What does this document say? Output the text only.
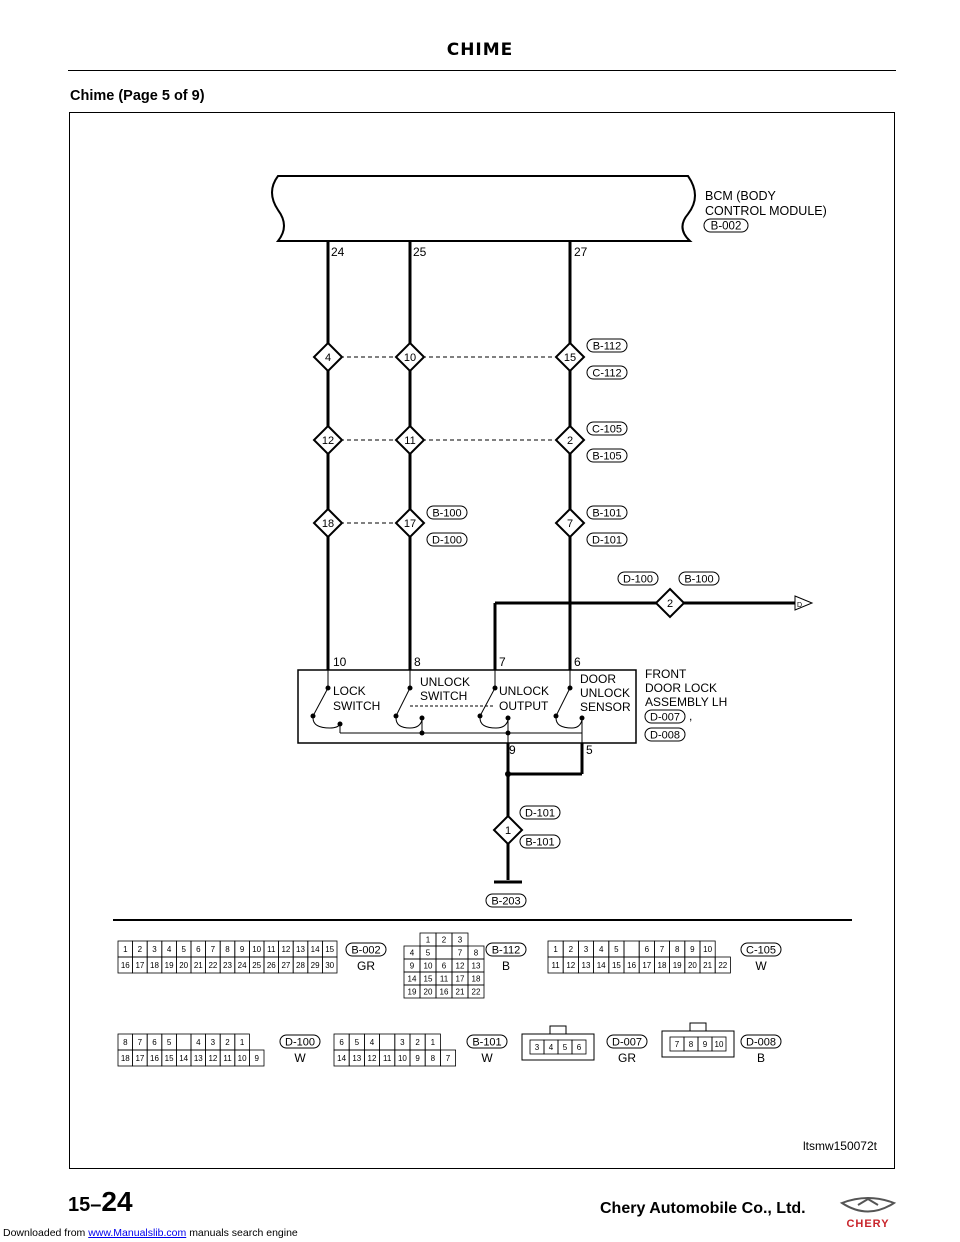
CHIME
Chime (Page 5 of 9)
BCM (BODY
CONTROL MODULE)
B-002
24	25	27
D
4	10	15
B-112
C-112
12	11	2
C-105
B-105
18	17	7
B-100
D-100
B-101
D-101
D-100	B-100
2
10	8	7	6
9	5
LOCK
SWITCH
UNLOCK
SWITCH	UNLOCK
OUTPUT
DOOR
UNLOCK
SENSOR
FRONT
DOOR LOCK
ASSEMBLY LH
D-007 ,
D-008
D-101
1
B-101
B-203
1 2 3 4 5 6 7 8 9 10 11 12 13 14 15
16 17 18 19 20 21 22 23 24 25 26 27 28 29 30
1 2 3
4 5	7 8
9 10 6 12 13
14 15 11 17 18
19 20 16 21 22
1 2 3 4 5	6 7 8 9 10
11 12 13 14 15 16 17 18 19 20 21 22
8 7 6 5	4 3 2 1
18 17 16 15 14 13 12 11 10 9
6 5 4	3 2 1
14 13 12 11 10 9 8 7
3 4 5 6	7 8 9 10
B-002
GR
B-112
B
C-105
W
D-100
W
B-101
W
D-007
GR
D-008
B
ltsmw150072t
CHERY
15–24	Chery Automobile Co., Ltd.
Downloaded from www.Manualslib.com manuals search engine
